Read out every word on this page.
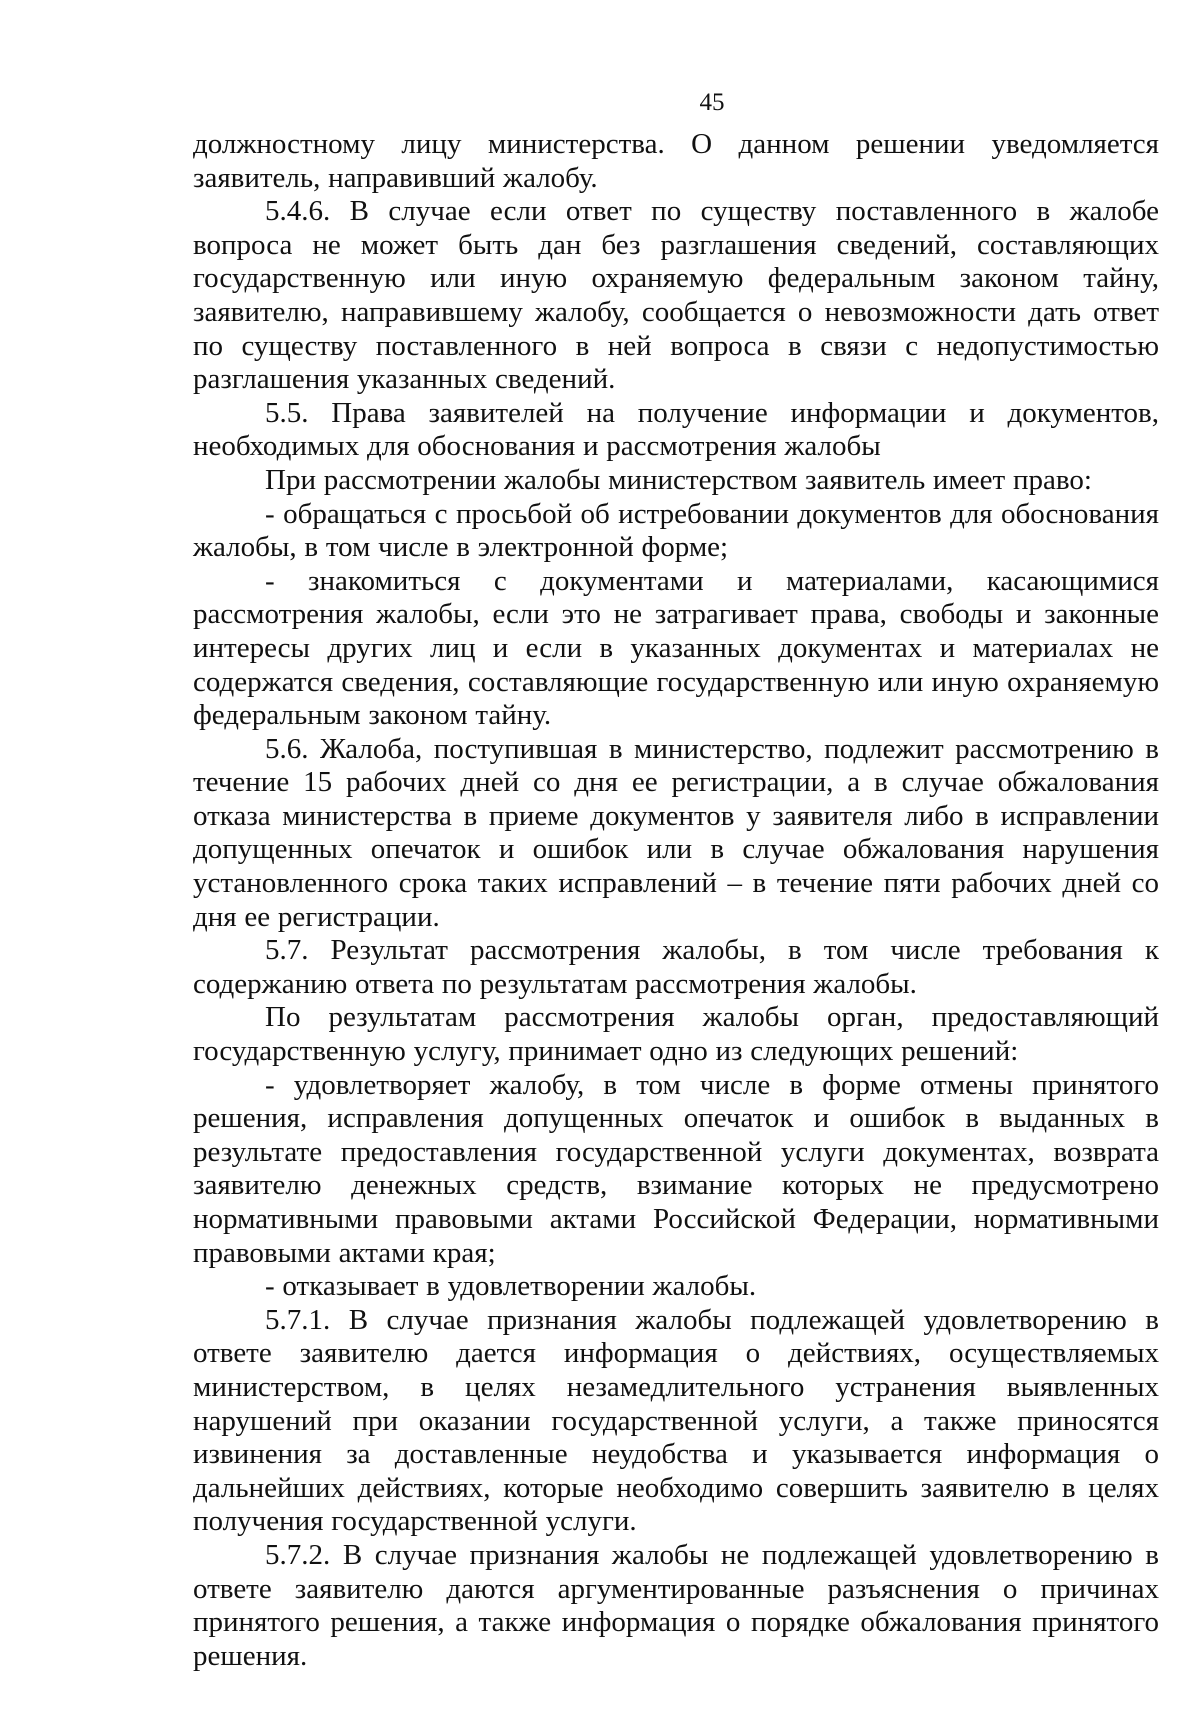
45

должностному лицу министерства. О данном решении уведомляется заявитель, направивший жалобу.

5.4.6. В случае если ответ по существу поставленного в жалобе вопроса не может быть дан без разглашения сведений, составляющих государственную или иную охраняемую федеральным законом тайну, заявителю, направившему жалобу, сообщается о невозможности дать ответ по существу поставленного в ней вопроса в связи с недопустимостью разглашения указанных сведений.

5.5. Права заявителей на получение информации и документов, необходимых для обоснования и рассмотрения жалобы

При рассмотрении жалобы министерством заявитель имеет право:

- обращаться с просьбой об истребовании документов для обоснования жалобы, в том числе в электронной форме;

- знакомиться с документами и материалами, касающимися рассмотрения жалобы, если это не затрагивает права, свободы и законные интересы других лиц и если в указанных документах и материалах не содержатся сведения, составляющие государственную или иную охраняемую федеральным законом тайну.

5.6. Жалоба, поступившая в министерство, подлежит рассмотрению в течение 15 рабочих дней со дня ее регистрации, а в случае обжалования отказа министерства в приеме документов у заявителя либо в исправлении допущенных опечаток и ошибок или в случае обжалования нарушения установленного срока таких исправлений – в течение пяти рабочих дней со дня ее регистрации.

5.7. Результат рассмотрения жалобы, в том числе требования к содержанию ответа по результатам рассмотрения жалобы.

По результатам рассмотрения жалобы орган, предоставляющий государственную услугу, принимает одно из следующих решений:

- удовлетворяет жалобу, в том числе в форме отмены принятого решения, исправления допущенных опечаток и ошибок в выданных в результате предоставления государственной услуги документах, возврата заявителю денежных средств, взимание которых не предусмотрено нормативными правовыми актами Российской Федерации, нормативными правовыми актами края;

- отказывает в удовлетворении жалобы.

5.7.1. В случае признания жалобы подлежащей удовлетворению в ответе заявителю дается информация о действиях, осуществляемых министерством, в целях незамедлительного устранения выявленных нарушений при оказании государственной услуги, а также приносятся извинения за доставленные неудобства и указывается информация о дальнейших действиях, которые необходимо совершить заявителю в целях получения государственной услуги.

5.7.2. В случае признания жалобы не подлежащей удовлетворению в ответе заявителю даются аргументированные разъяснения о причинах принятого решения, а также информация о порядке обжалования принятого решения.
